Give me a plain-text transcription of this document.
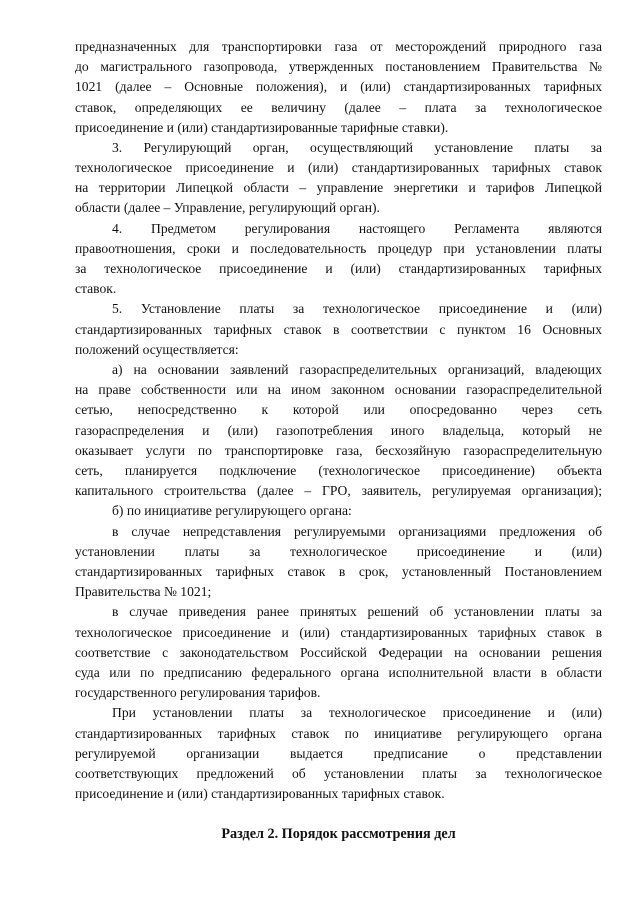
предназначенных для транспортировки газа от месторождений природного газа
до магистрального газопровода, утвержденных постановлением Правительства №
1021 (далее – Основные положения), и (или) стандартизированных тарифных
ставок, определяющих ее величину (далее – плата за технологическое
присоединение и (или) стандартизированные тарифные ставки).
3. Регулирующий орган, осуществляющий установление платы за
технологическое присоединение и (или) стандартизированных тарифных ставок
на территории Липецкой области – управление энергетики и тарифов Липецкой
области (далее – Управление, регулирующий орган).
4. Предметом регулирования настоящего Регламента являются
правоотношения, сроки и последовательность процедур при установлении платы
за технологическое присоединение и (или) стандартизированных тарифных
ставок.
5. Установление платы за технологическое присоединение и (или)
стандартизированных тарифных ставок в соответствии с пунктом 16 Основных
положений осуществляется:
а) на основании заявлений газораспределительных организаций, владеющих
на праве собственности или на ином законном основании газораспределительной
сетью, непосредственно к которой или опосредованно через сеть
газораспределения и (или) газопотребления иного владельца, который не
оказывает услуги по транспортировке газа, бесхозяйную газораспределительную
сеть, планируется подключение (технологическое присоединение) объекта
капитального строительства (далее – ГРО, заявитель, регулируемая организация);
б) по инициативе регулирующего органа:
в случае непредставления регулируемыми организациями предложения об
установлении платы за технологическое присоединение и (или)
стандартизированных тарифных ставок в срок, установленный Постановлением
Правительства № 1021;
в случае приведения ранее принятых решений об установлении платы за
технологическое присоединение и (или) стандартизированных тарифных ставок в
соответствие с законодательством Российской Федерации на основании решения
суда или по предписанию федерального органа исполнительной власти в области
государственного регулирования тарифов.
При установлении платы за технологическое присоединение и (или)
стандартизированных тарифных ставок по инициативе регулирующего органа
регулируемой организации выдается предписание о представлении
соответствующих предложений об установлении платы за технологическое
присоединение и (или) стандартизированных тарифных ставок.
Раздел 2. Порядок рассмотрения дел
